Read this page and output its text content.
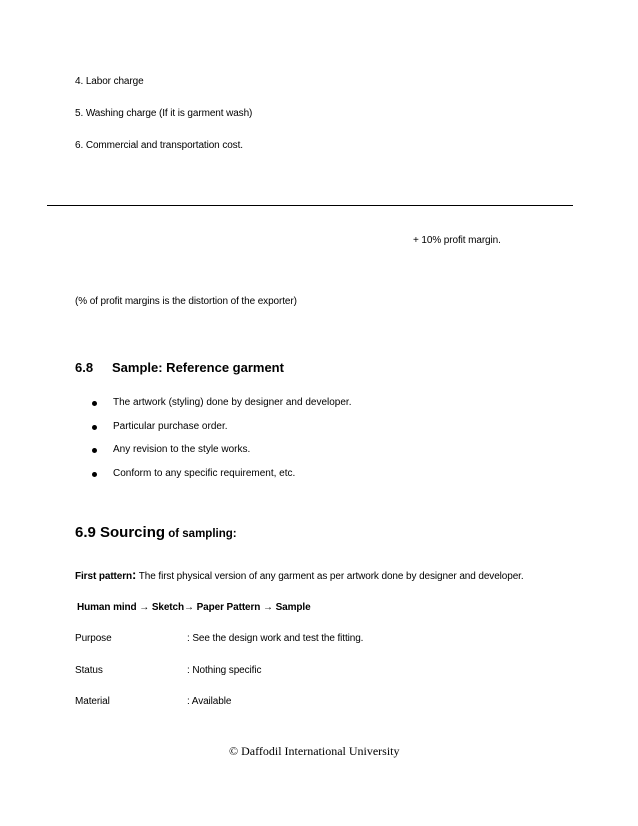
4. Labor charge
5. Washing charge (If it is garment wash)
6. Commercial and transportation cost.
+ 10% profit margin.
(% of profit margins is the distortion of the exporter)
6.8 Sample: Reference garment
The artwork (styling) done by designer and developer.
Particular purchase order.
Any revision to the style works.
Conform to any specific requirement, etc.
6.9 Sourcing of sampling:
First pattern: The first physical version of any garment as per artwork done by designer and developer.
Human mind → Sketch→ Paper Pattern → Sample
Purpose	: See the design work and test the fitting.
Status	: Nothing specific
Material	: Available
© Daffodil International University
